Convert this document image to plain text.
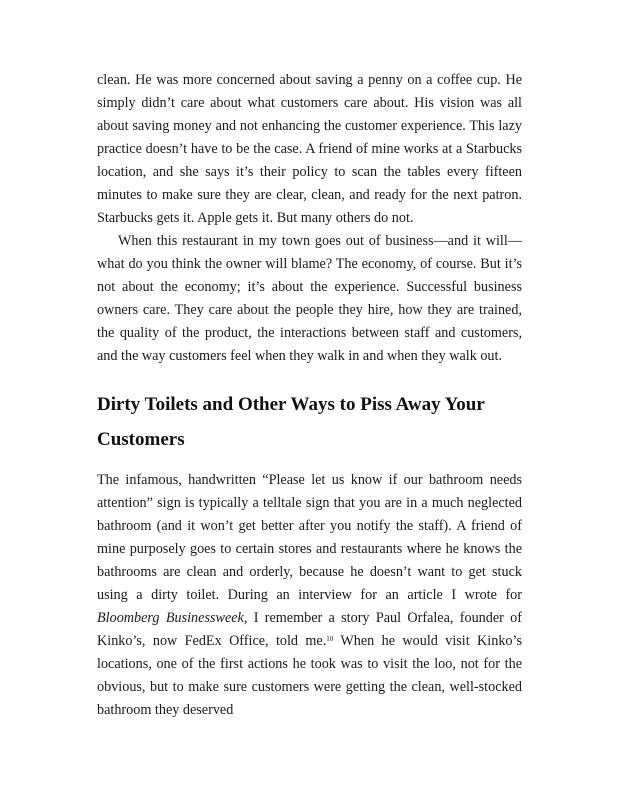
clean. He was more concerned about saving a penny on a coffee cup. He simply didn’t care about what customers care about. His vision was all about saving money and not enhancing the customer experience. This lazy practice doesn’t have to be the case. A friend of mine works at a Starbucks location, and she says it’s their policy to scan the tables every fifteen minutes to make sure they are clear, clean, and ready for the next patron. Starbucks gets it. Apple gets it. But many others do not.

When this restaurant in my town goes out of business—and it will—what do you think the owner will blame? The economy, of course. But it’s not about the economy; it’s about the experience. Successful business owners care. They care about the people they hire, how they are trained, the quality of the product, the interactions between staff and customers, and the way customers feel when they walk in and when they walk out.

Dirty Toilets and Other Ways to Piss Away Your Customers

The infamous, handwritten “Please let us know if our bathroom needs attention” sign is typically a telltale sign that you are in a much neglected bathroom (and it won’t get better after you notify the staff). A friend of mine purposely goes to certain stores and restaurants where he knows the bathrooms are clean and orderly, because he doesn’t want to get stuck using a dirty toilet. During an interview for an article I wrote for Bloomberg Businessweek, I remember a story Paul Orfalea, founder of Kinko’s, now FedEx Office, told me.$^{10}$ When he would visit Kinko’s locations, one of the first actions he took was to visit the loo, not for the obvious, but to make sure customers were getting the clean, well-stocked bathroom they deserved
